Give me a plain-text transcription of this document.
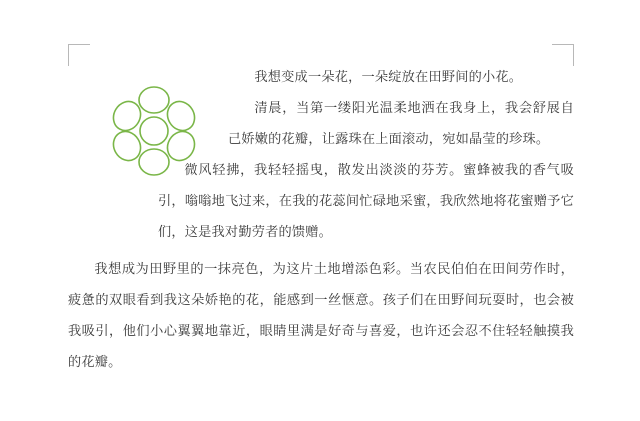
我想变成一朵花，一朵绽放在田野间的小花。

清晨，当第一缕阳光温柔地洒在我身上，我会舒展自己娇嫩的花瓣，让露珠在上面滚动，宛如晶莹的珍珠。

微风轻拂，我轻轻摇曳，散发出淡淡的芬芳。蜜蜂被我的香气吸引，嗡嗡地飞过来，在我的花蕊间忙碌地采蜜，我欣然地将花蜜赠予它们，这是我对勤劳者的馈赠。

我想成为田野里的一抹亮色，为这片土地增添色彩。当农民伯伯在田间劳作时，疲惫的双眼看到我这朵娇艳的花，能感到一丝惬意。孩子们在田野间玩耍时，也会被我吸引，他们小心翼翼地靠近，眼睛里满是好奇与喜爱，也许还会忍不住轻轻触摸我的花瓣。
